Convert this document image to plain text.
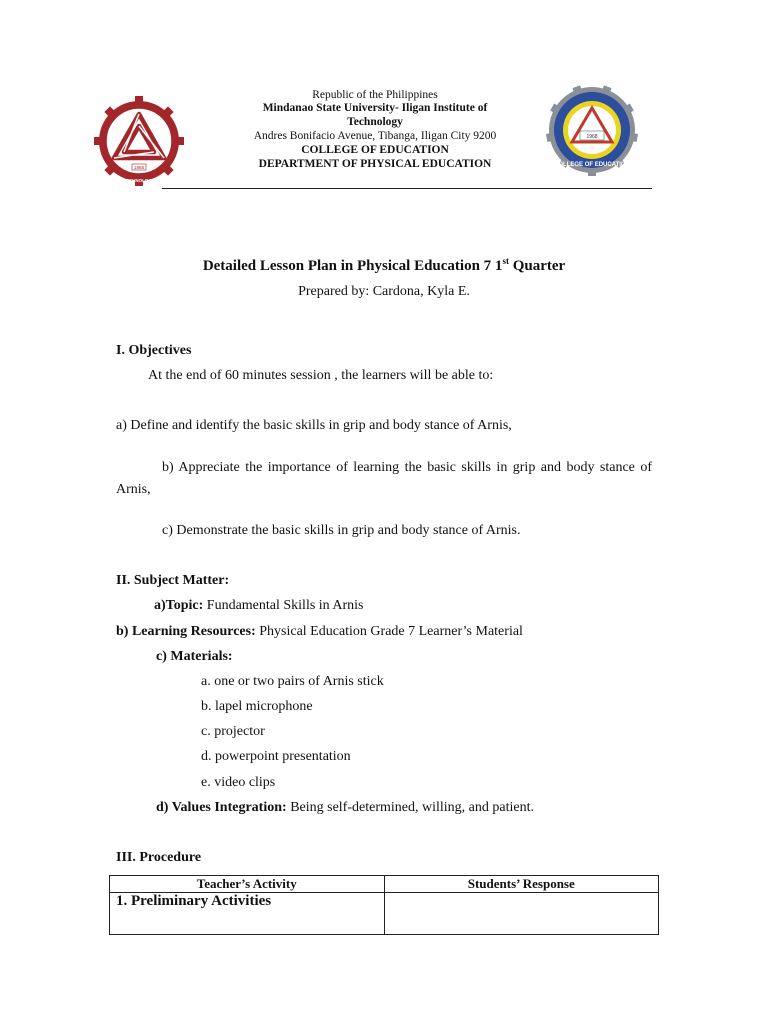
1968
TECHNOLOGY
1968
COLLEGE OF EDUCATION
Republic of the Philippines
Mindanao State University- Iligan Institute of
Technology
Andres Bonifacio Avenue, Tibanga, Iligan City 9200
COLLEGE OF EDUCATION
DEPARTMENT OF PHYSICAL EDUCATION
Detailed Lesson Plan in Physical Education 7 1st Quarter
Prepared by: Cardona, Kyla E.
I. Objectives
At the end of 60 minutes session , the learners will be able to:
a) Define and identify the basic skills in grip and body stance of Arnis,
b) Appreciate the importance of learning the basic skills in grip and body stance of Arnis,
c) Demonstrate the basic skills in grip and body stance of Arnis.
II. Subject Matter:
a)Topic: Fundamental Skills in Arnis
b) Learning Resources: Physical Education Grade 7 Learner’s Material
c) Materials:
a. one or two pairs of Arnis stick
b. lapel microphone
c. projector
d. powerpoint presentation
e. video clips
d) Values Integration: Being self-determined, willing, and patient.
III. Procedure
Teacher’s Activity	Students’ Response
1. Preliminary Activities	
